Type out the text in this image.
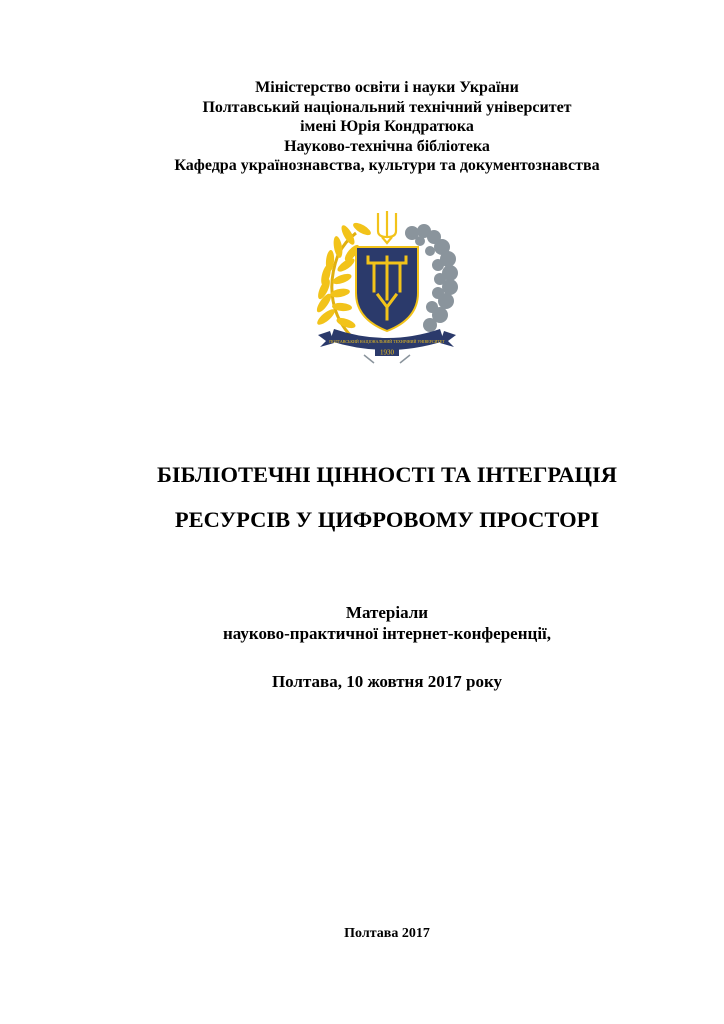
Міністерство освіти і науки України
Полтавський національний технічний університет
імені Юрія Кондратюка
Науково-технічна бібліотека
Кафедра українознавства, культури та документознавства
ПОЛТАВСЬКИЙ НАЦІОНАЛЬНИЙ ТЕХНІЧНИЙ УНІВЕРСИТЕТ
1930
БІБЛІОТЕЧНІ ЦІННОСТІ ТА ІНТЕГРАЦІЯ
РЕСУРСІВ У ЦИФРОВОМУ ПРОСТОРІ
Матеріали
науково-практичної інтернет-конференції,
Полтава, 10 жовтня 2017 року
Полтава 2017
